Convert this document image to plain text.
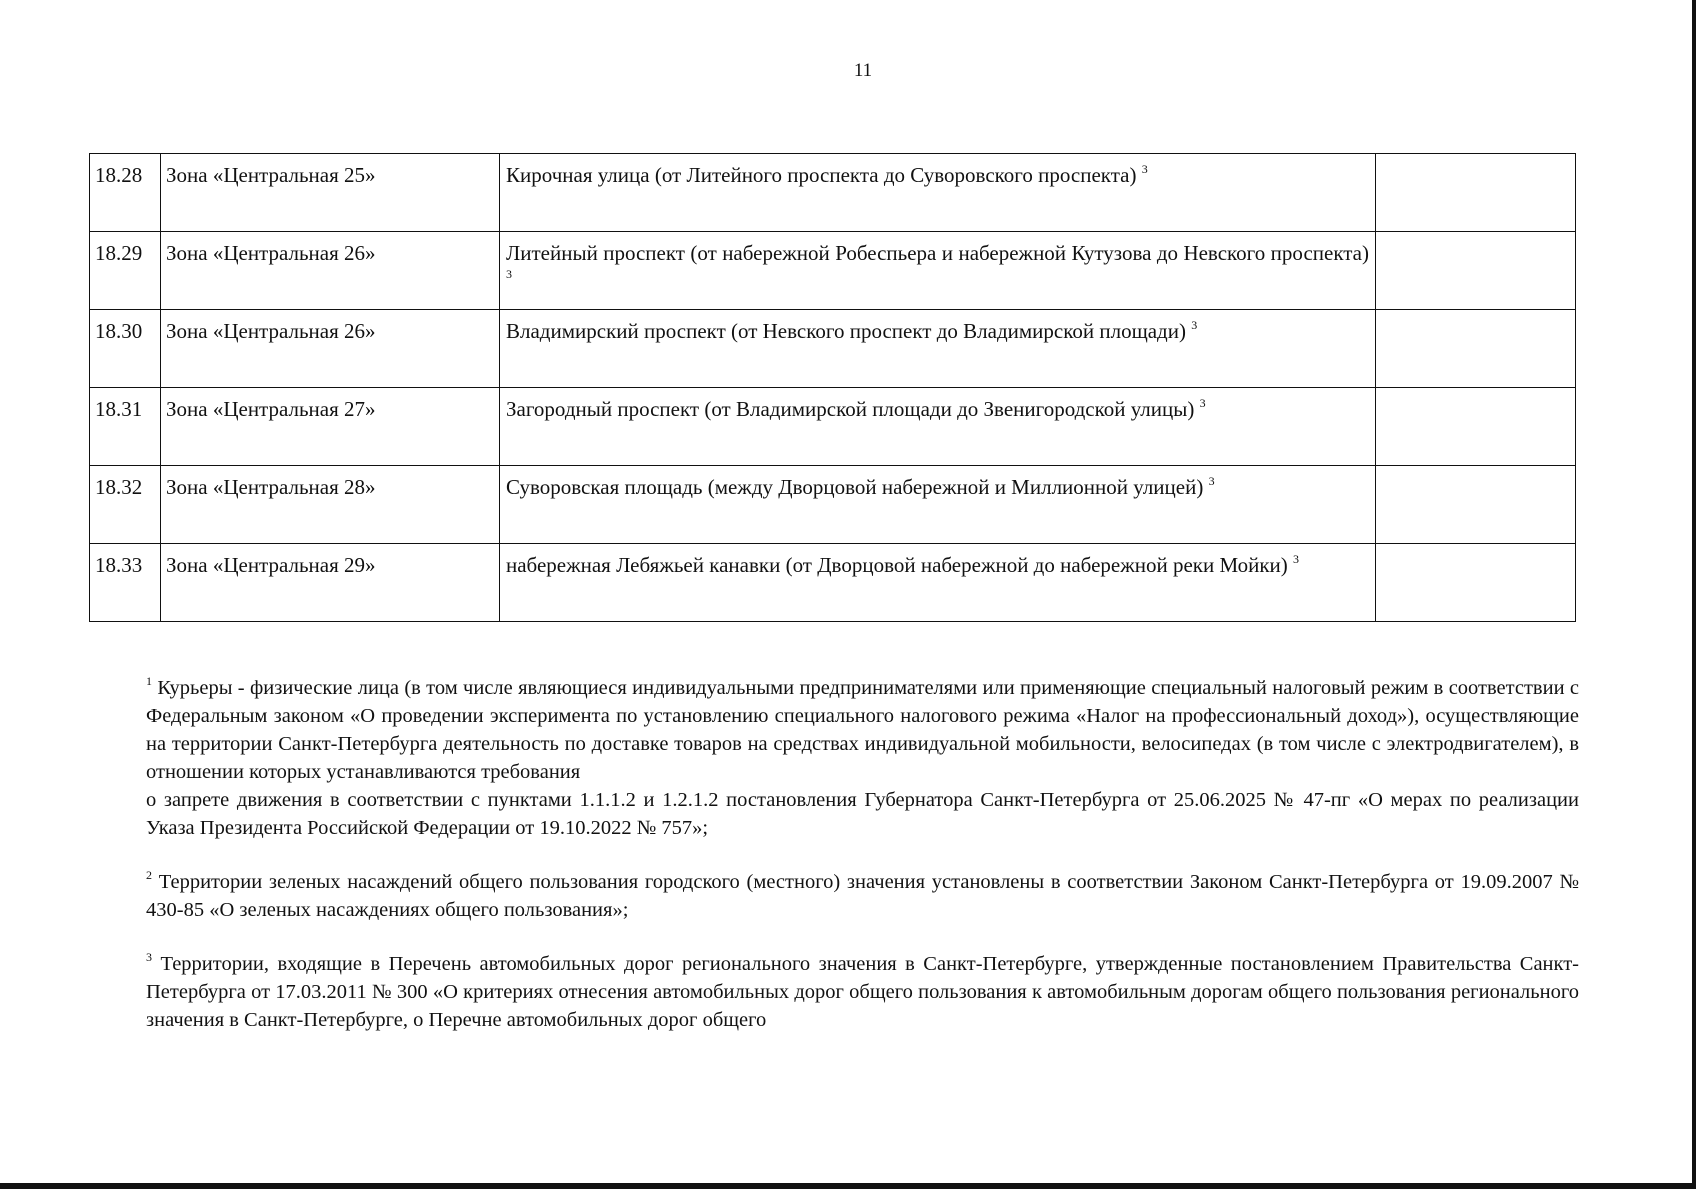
11
18.28	Зона «Центральная 25»	Кирочная улица (от Литейного проспекта до Суворовского проспекта) $^3$	
18.29	Зона «Центральная 26»	Литейный проспект (от набережной Робеспьера и набережной Кутузова до Невского проспекта) $^3$	
18.30	Зона «Центральная 26»	Владимирский проспект (от Невского проспект до Владимирской площади) $^3$	
18.31	Зона «Центральная 27»	Загородный проспект (от Владимирской площади до Звенигородской улицы) $^3$	
18.32	Зона «Центральная 28»	Суворовская площадь (между Дворцовой набережной и Миллионной улицей) $^3$	
18.33	Зона «Центральная 29»	набережная Лебяжьей канавки (от Дворцовой набережной до набережной реки Мойки) $^3$	

$^1$ Курьеры - физические лица (в том числе являющиеся индивидуальными предпринимателями или применяющие специальный налоговый режим в соответствии с Федеральным законом «О проведении эксперимента по установлению специального налогового режима «Налог на профессиональный доход»), осуществляющие на территории Санкт-Петербурга деятельность по доставке товаров на средствах индивидуальной мобильности, велосипедах (в том числе с электродвигателем), в отношении которых устанавливаются требования

о запрете движения в соответствии с пунктами 1.1.1.2 и 1.2.1.2 постановления Губернатора Санкт-Петербурга от 25.06.2025 № 47-пг «О мерах по реализации Указа Президента Российской Федерации от 19.10.2022 № 757»;

$^2$ Территории зеленых насаждений общего пользования городского (местного) значения установлены в соответствии Законом Санкт-Петербурга от 19.09.2007 № 430-85 «О зеленых насаждениях общего пользования»;

$^3$ Территории, входящие в Перечень автомобильных дорог регионального значения в Санкт-Петербурге, утвержденные постановлением Правительства Санкт-Петербурга от 17.03.2011 № 300 «О критериях отнесения автомобильных дорог общего пользования к автомобильным дорогам общего пользования регионального значения в Санкт-Петербурге, о Перечне автомобильных дорог общего
